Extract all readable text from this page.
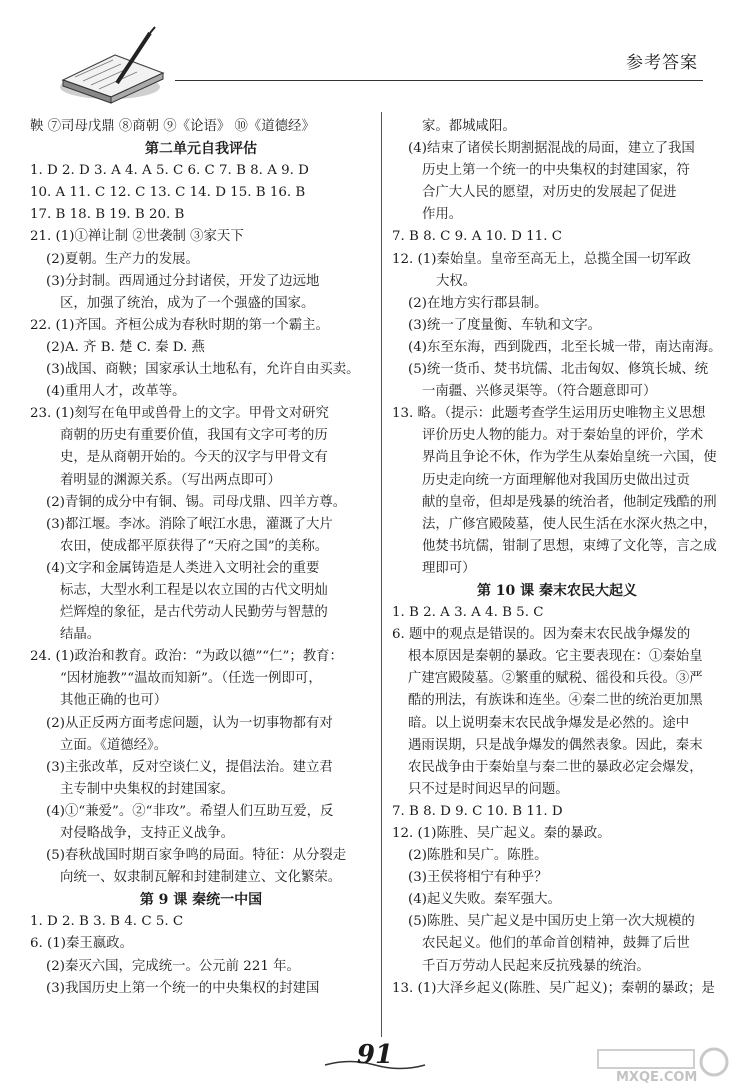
参考答案
鞅 ⑦司母戊鼎 ⑧商朝 ⑨《论语》 ⑩《道德经》
第二单元自我评估
1. D 2. D 3. A 4. A 5. C 6. C 7. B 8. A 9. D
10. A 11. C 12. C 13. C 14. D 15. B 16. B
17. B 18. B 19. B 20. B
21. (1)①禅让制 ②世袭制 ③家天下
(2)夏朝。生产力的发展。
(3)分封制。西周通过分封诸侯，开发了边远地
区，加强了统治，成为了一个强盛的国家。
22. (1)齐国。齐桓公成为春秋时期的第一个霸主。
(2)A. 齐 B. 楚 C. 秦 D. 燕
(3)战国、商鞅；国家承认土地私有，允许自由买卖。
(4)重用人才，改革等。
23. (1)刻写在龟甲或兽骨上的文字。甲骨文对研究
商朝的历史有重要价值，我国有文字可考的历
史，是从商朝开始的。今天的汉字与甲骨文有
着明显的渊源关系。（写出两点即可）
(2)青铜的成分中有铜、锡。司母戊鼎、四羊方尊。
(3)都江堰。李冰。消除了岷江水患，灌溉了大片
农田，使成都平原获得了“天府之国”的美称。
(4)文字和金属铸造是人类进入文明社会的重要
标志，大型水利工程是以农立国的古代文明灿
烂辉煌的象征，是古代劳动人民勤劳与智慧的
结晶。
24. (1)政治和教育。政治：“为政以德”“仁”；教育：
“因材施教”“温故而知新”。（任选一例即可，
其他正确的也可）
(2)从正反两方面考虑问题，认为一切事物都有对
立面。《道德经》。
(3)主张改革，反对空谈仁义，提倡法治。建立君
主专制中央集权的封建国家。
(4)①“兼爱”。②“非攻”。希望人们互助互爱，反
对侵略战争，支持正义战争。
(5)春秋战国时期百家争鸣的局面。特征：从分裂走
向统一、奴隶制瓦解和封建制建立、文化繁荣。
第 9 课 秦统一中国
1. D 2. B 3. B 4. C 5. C
6. (1)秦王嬴政。
(2)秦灭六国，完成统一。公元前 221 年。
(3)我国历史上第一个统一的中央集权的封建国
家。都城咸阳。
(4)结束了诸侯长期割据混战的局面，建立了我国
历史上第一个统一的中央集权的封建国家，符
合广大人民的愿望，对历史的发展起了促进
作用。
7. B 8. C 9. A 10. D 11. C
12. (1)秦始皇。皇帝至高无上，总揽全国一切军政
大权。
(2)在地方实行郡县制。
(3)统一了度量衡、车轨和文字。
(4)东至东海，西到陇西，北至长城一带，南达南海。
(5)统一货币、焚书坑儒、北击匈奴、修筑长城、统
一南疆、兴修灵渠等。（符合题意即可）
13. 略。（提示：此题考查学生运用历史唯物主义思想
评价历史人物的能力。对于秦始皇的评价，学术
界尚且争论不休，作为学生从秦始皇统一六国，使
历史走向统一方面理解他对我国历史做出过贡
献的皇帝，但却是残暴的统治者，他制定残酷的刑
法，广修宫殿陵墓，使人民生活在水深火热之中，
他焚书坑儒，钳制了思想，束缚了文化等，言之成
理即可）
第 10 课 秦末农民大起义
1. B 2. A 3. A 4. B 5. C
6. 题中的观点是错误的。因为秦末农民战争爆发的
根本原因是秦朝的暴政。它主要表现在：①秦始皇
广建宫殿陵墓。②繁重的赋税、徭役和兵役。③严
酷的刑法，有族诛和连坐。④秦二世的统治更加黑
暗。以上说明秦末农民战争爆发是必然的。途中
遇雨误期，只是战争爆发的偶然表象。因此，秦末
农民战争由于秦始皇与秦二世的暴政必定会爆发，
只不过是时间迟早的问题。
7. B 8. D 9. C 10. B 11. D
12. (1)陈胜、吴广起义。秦的暴政。
(2)陈胜和吴广。陈胜。
(3)王侯将相宁有种乎？
(4)起义失败。秦军强大。
(5)陈胜、吴广起义是中国历史上第一次大规模的
农民起义。他们的革命首创精神，鼓舞了后世
千百万劳动人民起来反抗残暴的统治。
13. (1)大泽乡起义(陈胜、吴广起义)；秦朝的暴政；是
91
MXQE.COM
